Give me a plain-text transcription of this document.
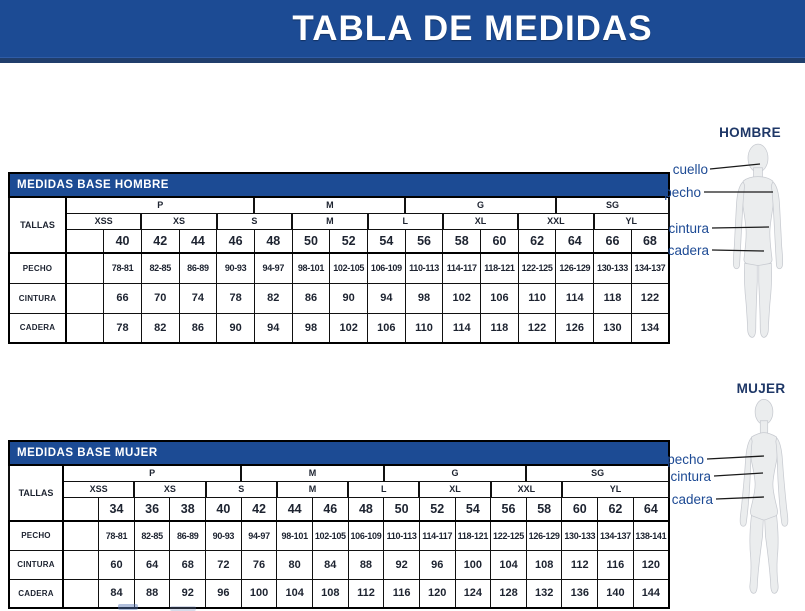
TABLA DE MEDIDAS
MEDIDAS BASE HOMBRE																
TALLAS	P					M				G				SG		
	XSS		XS		S		M		L		XL		XXL		YL	
		40	42	44	46	48	50	52	54	56	58	60	62	64	66	68
PECHO		78-81	82-85	86-89	90-93	94-97	98-101	102-105	106-109	110-113	114-117	118-121	122-125	126-129	130-133	134-137
CINTURA		66	70	74	78	82	86	90	94	98	102	106	110	114	118	122
CADERA		78	82	86	90	94	98	102	106	110	114	118	122	126	130	134
MEDIDAS BASE MUJER																	
TALLAS	P					M				G				SG			
	XSS		XS		S		M		L		XL		XXL		YL		
		34	36	38	40	42	44	46	48	50	52	54	56	58	60	62	64
PECHO		78-81	82-85	86-89	90-93	94-97	98-101	102-105	106-109	110-113	114-117	118-121	122-125	126-129	130-133	134-137	138-141
CINTURA		60	64	68	72	76	80	84	88	92	96	100	104	108	112	116	120
CADERA		84	88	92	96	100	104	108	112	116	120	124	128	132	136	140	144
HOMBRE
MUJER
cuello
pecho
cintura
cadera
pecho
cintura
cadera
